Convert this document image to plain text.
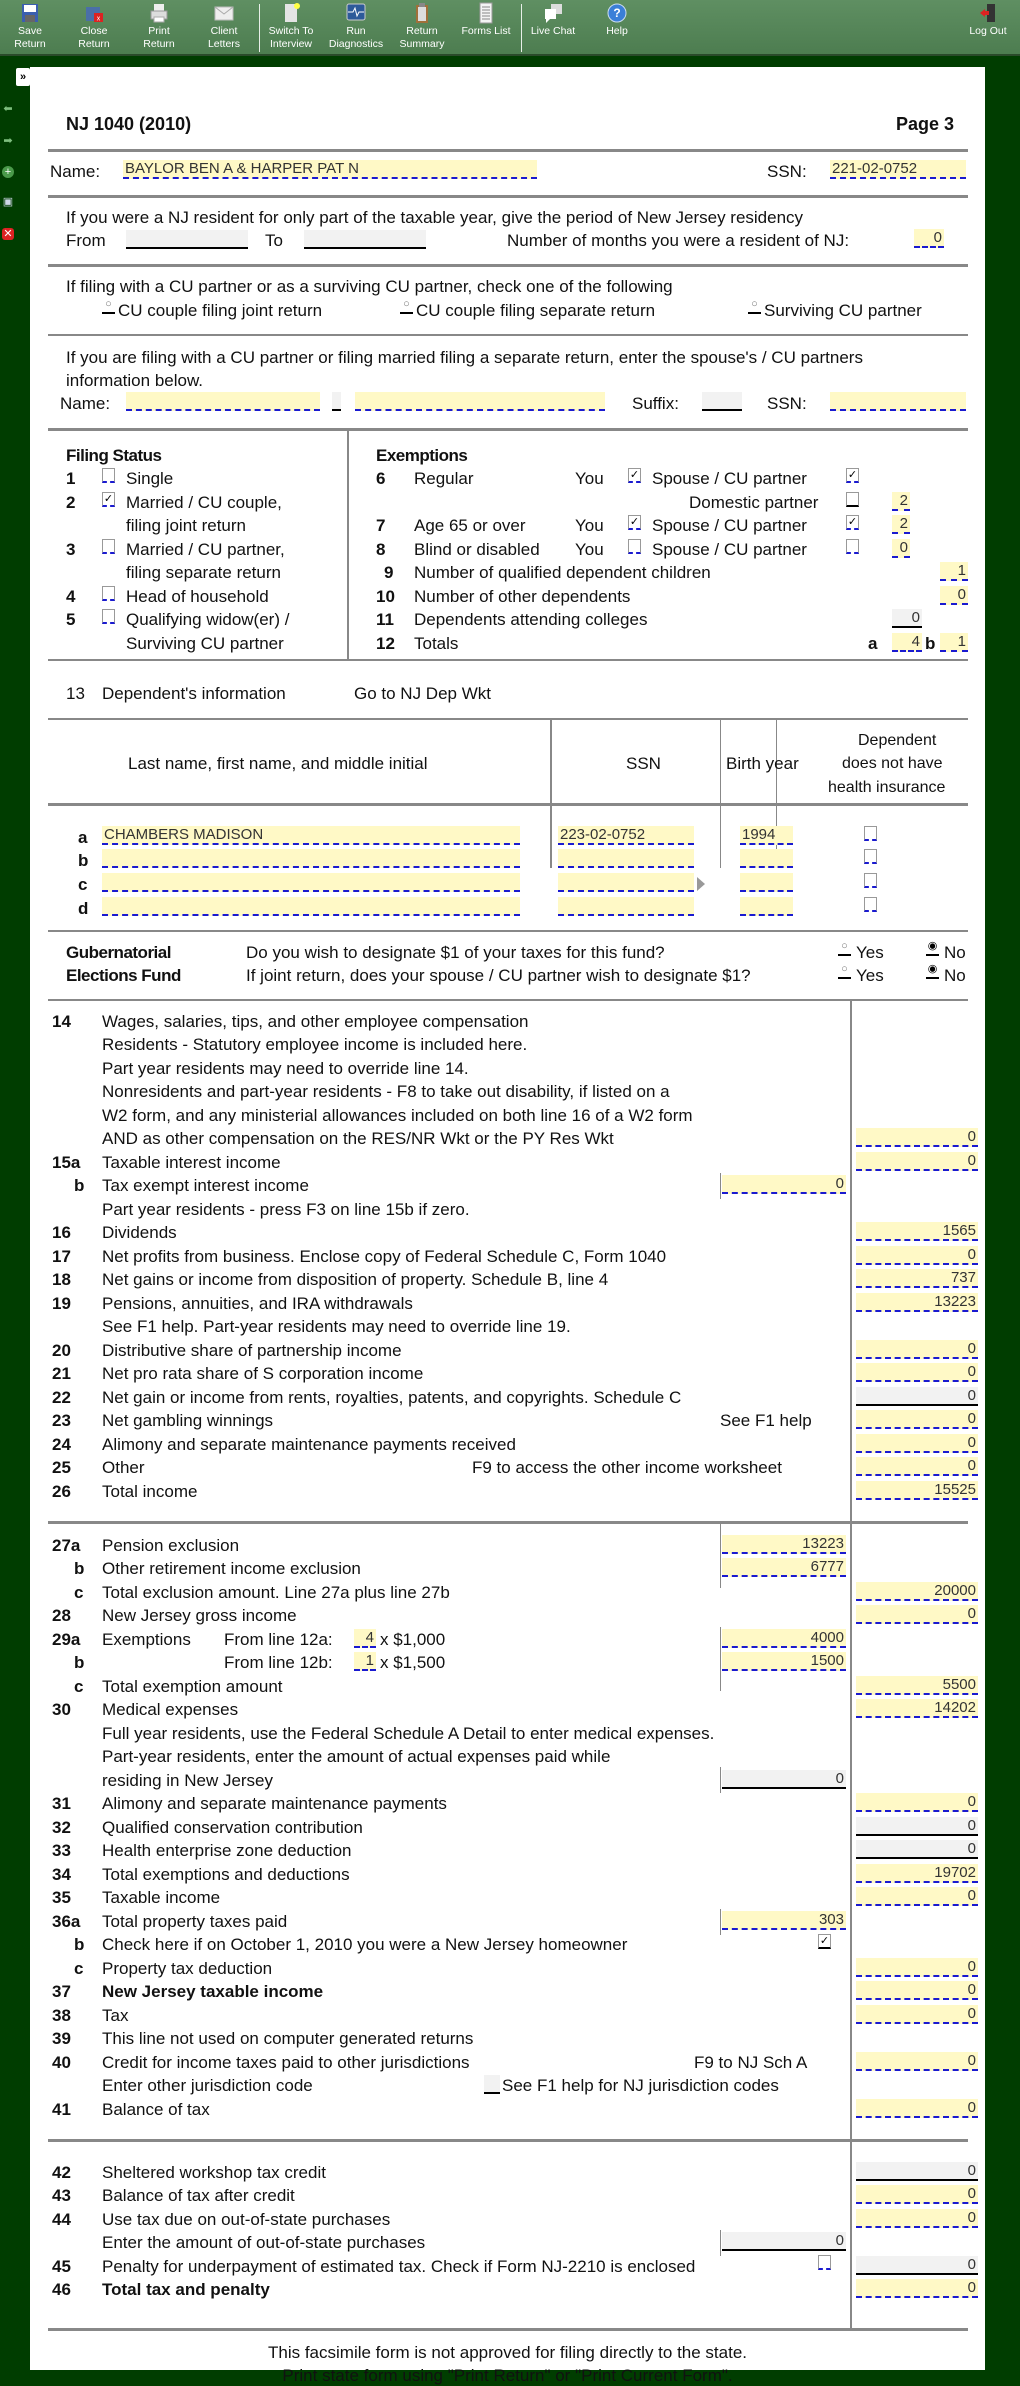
Save
Return
x
Close
Return
Print
Return
Client
Letters
Switch To
Interview
Run
Diagnostics
Return
Summary
Forms List	Live Chat
?
Help	Log Out
⬅
➡
+
▣
✕
»
NJ 1040 (2010)	Page 3
Name: BAYLOR BEN A & HARPER PAT N	SSN: 221-02-0752
If you were a NJ resident for only part of the taxable year, give the period of New Jersey residency
From	To	Number of months you were a resident of NJ:	0
If filing with a CU partner or as a surviving CU partner, check one of the following
○ CU couple filing joint return	○ CU couple filing separate return	○ Surviving CU partner
If you are filing with a CU partner or filing married filing a separate return, enter the spouse's / CU partners
information below.
Name:	Suffix:	SSN:
Filing Status
1	Single
2	✓ Married / CU couple,
filing joint return
3	Married / CU partner,
filing separate return
4	Head of household
5	Qualifying widow(er) /
Surviving CU partner
Exemptions
6 Regular	You ✓ Spouse / CU partner	✓
Domestic partner	2
7 Age 65 or over	You ✓ Spouse / CU partner	✓	2
8 Blind or disabled You	Spouse / CU partner	0
9 Number of qualified dependent children	1
10 Number of other dependents	0
11 Dependents attending colleges	0
12 Totals	a	4 b	1
13 Dependent's information	Go to NJ Dep Wkt
Last name, first name, and middle initial	SSN	Birth year
Dependent
does not have
health insurance
a CHAMBERS MADISON	223-02-0752	1994
b
c
d
Gubernatorial
Elections Fund
Do you wish to designate $1 of your taxes for this fund?
If joint return, does your spouse / CU partner wish to designate $1?
○ Yes	◉ No
○ Yes	◉ No
14 Wages, salaries, tips, and other employee compensation
Residents - Statutory employee income is included here.
Part year residents may need to override line 14.
Nonresidents and part-year residents - F8 to take out disability, if listed on a
W2 form, and any ministerial allowances included on both line 16 of a W2 form
AND as other compensation on the RES/NR Wkt or the PY Res Wkt	0
15a Taxable interest income	0
b Tax exempt interest income	0
Part year residents - press F3 on line 15b if zero.
16 Dividends	1565
17 Net profits from business. Enclose copy of Federal Schedule C, Form 1040	0
18 Net gains or income from disposition of property. Schedule B, line 4	737
19 Pensions, annuities, and IRA withdrawals	13223
See F1 help. Part-year residents may need to override line 19.
20 Distributive share of partnership income	0
21 Net pro rata share of S corporation income	0
22 Net gain or income from rents, royalties, patents, and copyrights. Schedule C	0
23 Net gambling winnings	See F1 help	0
24 Alimony and separate maintenance payments received	0
25 Other	F9 to access the other income worksheet	0
26 Total income	15525
27a Pension exclusion	13223
b Other retirement income exclusion	6777
c Total exclusion amount. Line 27a plus line 27b	20000
28 New Jersey gross income	0
29a Exemptions From line 12a:	4 x $1,000	4000
b	From line 12b:	1 x $1,500	1500
c Total exemption amount	5500
30 Medical expenses	14202
Full year residents, use the Federal Schedule A Detail to enter medical expenses.
Part-year residents, enter the amount of actual expenses paid while
residing in New Jersey	0
31 Alimony and separate maintenance payments	0
32 Qualified conservation contribution	0
33 Health enterprise zone deduction	0
34 Total exemptions and deductions	19702
35 Taxable income	0
36a Total property taxes paid	303
b Check here if on October 1, 2010 you were a New Jersey homeowner	✓
c Property tax deduction	0
37 New Jersey taxable income	0
38 Tax	0
39 This line not used on computer generated returns
40 Credit for income taxes paid to other jurisdictions	F9 to NJ Sch A	0
Enter other jurisdiction code	See F1 help for NJ jurisdiction codes
41 Balance of tax	0
42 Sheltered workshop tax credit	0
43 Balance of tax after credit	0
44 Use tax due on out-of-state purchases	0
Enter the amount of out-of-state purchases	0
45 Penalty for underpayment of estimated tax. Check if Form NJ-2210 is enclosed	0
46 Total tax and penalty	0
This facsimile form is not approved for filing directly to the state.
Print state form using "Print Return" or "Print Current Form".
